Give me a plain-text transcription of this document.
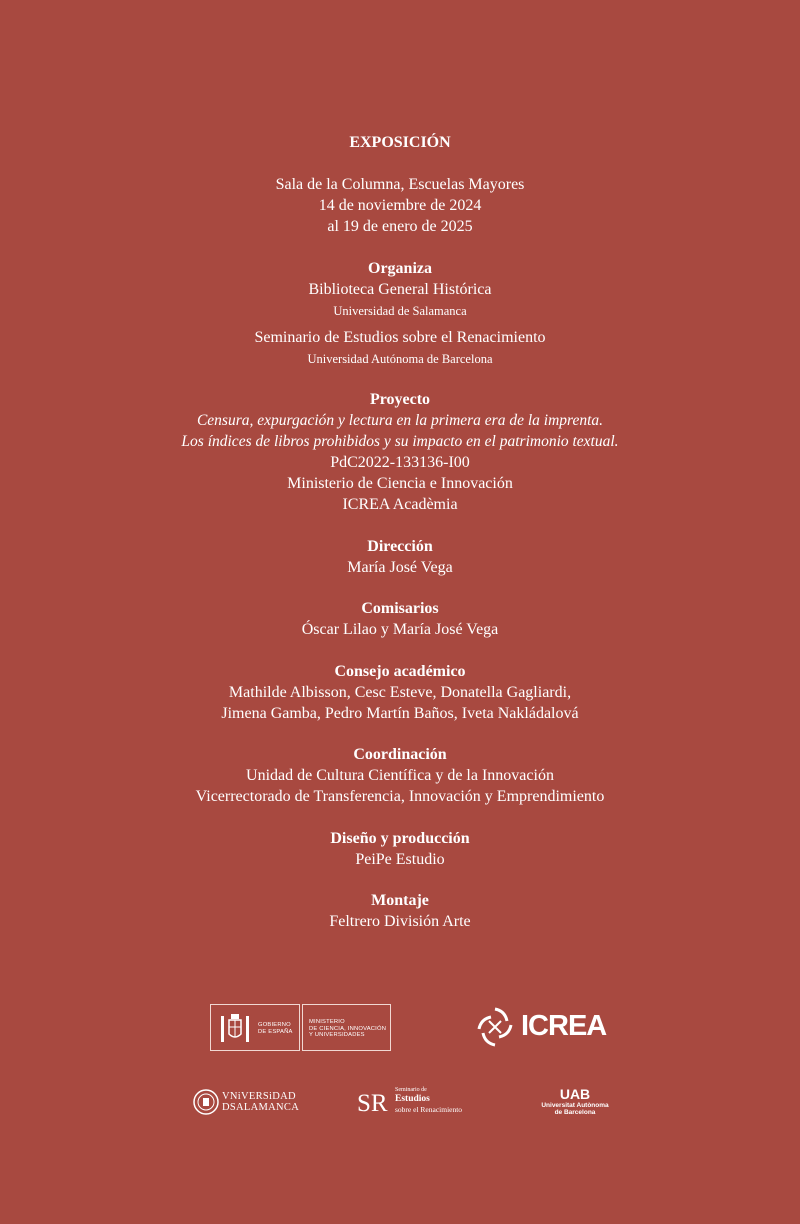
EXPOSICIÓN
Sala de la Columna, Escuelas Mayores
14 de noviembre de 2024
al 19 de enero de 2025
Organiza
Biblioteca General Histórica
Universidad de Salamanca
Seminario de Estudios sobre el Renacimiento
Universidad Autónoma de Barcelona
Proyecto
Censura, expurgación y lectura en la primera era de la imprenta.
Los índices de libros prohibidos y su impacto en el patrimonio textual.
PdC2022-133136-I00
Ministerio de Ciencia e Innovación
ICREA Acadèmia
Dirección
María José Vega
Comisarios
Óscar Lilao y María José Vega
Consejo académico
Mathilde Albisson, Cesc Esteve, Donatella Gagliardi,
Jimena Gamba, Pedro Martín Baños, Iveta Nakládalová
Coordinación
Unidad de Cultura Científica y de la Innovación
Vicerrectorado de Transferencia, Innovación y Emprendimiento
Diseño y producción
PeiPe Estudio
Montaje
Feltrero División Arte
GOBIERNO
DE ESPAÑA
MINISTERIO
DE CIENCIA, INNOVACIÓN
Y UNIVERSIDADES	ICREA
VNiVERSiDAD
DSALAMANCA SR Seminario de
Estudios
sobre el Renacimiento
UAB
Universitat Autònoma
de Barcelona
